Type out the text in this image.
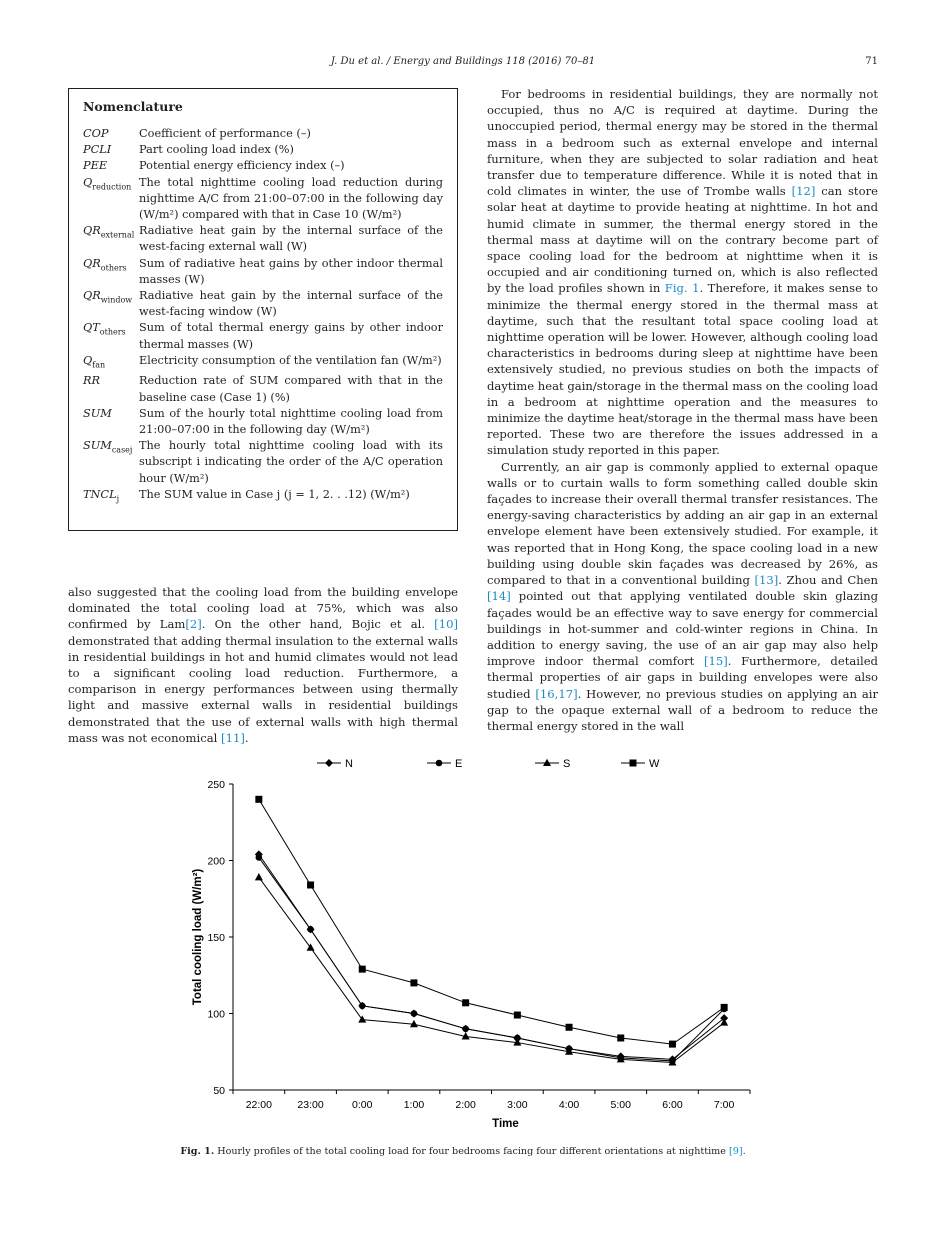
J. Du et al. / Energy and Buildings 118 (2016) 70–81	71
Nomenclature
COP	Coefficient of performance (–)
PCLI	Part cooling load index (%)
PEE	Potential energy efficiency index (–)
$Q_{reduction}$ The total nighttime cooling load reduction during nighttime A/C from 21:00–07:00 in the following day (W/m²) compared with that in Case 10 (W/m²)
$QR_{external}$ Radiative heat gain by the internal surface of the west-facing external wall (W)
$QR_{others}$	Sum of radiative heat gains by other indoor thermal masses (W)
$QR_{window}$ Radiative heat gain by the internal surface of the west-facing window (W)
$QT_{others}$	Sum of total thermal energy gains by other indoor thermal masses (W)
$Q_{fan}$	Electricity consumption of the ventilation fan (W/m²)
RR	Reduction rate of SUM compared with that in the baseline case (Case 1) (%)
SUM	Sum of the hourly total nighttime cooling load from 21:00–07:00 in the following day (W/m²)
$SUM_{casej}$ The hourly total nighttime cooling load with its subscript i indicating the order of the A/C operation hour (W/m²)
$TNCL_j$	The SUM value in Case j (j = 1, 2. . .12) (W/m²)

also suggested that the cooling load from the building envelope dominated the total cooling load at 75%, which was also confirmed by Lam[2]. On the other hand, Bojic et al. [10] demonstrated that adding thermal insulation to the external walls in residential buildings in hot and humid climates would not lead to a significant cooling load reduction. Furthermore, a comparison in energy performances between using thermally light and massive external walls in residential buildings demonstrated that the use of external walls with high thermal mass was not economical [11].

For bedrooms in residential buildings, they are normally not occupied, thus no A/C is required at daytime. During the unoccupied period, thermal energy may be stored in the thermal mass in a bedroom such as external envelope and internal furniture, when they are subjected to solar radiation and heat transfer due to temperature difference. While it is noted that in cold climates in winter, the use of Trombe walls [12] can store solar heat at daytime to provide heating at nighttime. In hot and humid climate in summer, the thermal energy stored in the thermal mass at daytime will on the contrary become part of space cooling load for the bedroom at nighttime when it is occupied and air conditioning turned on, which is also reflected by the load profiles shown in Fig. 1. Therefore, it makes sense to minimize the thermal energy stored in the thermal mass at daytime, such that the resultant total space cooling load at nighttime operation will be lower. However, although cooling load characteristics in bedrooms during sleep at nighttime have been extensively studied, no previous studies on both the impacts of daytime heat gain/storage in the thermal mass on the cooling load in a bedroom at nighttime operation and the measures to minimize the daytime heat/storage in the thermal mass have been reported. These two are therefore the issues addressed in a simulation study reported in this paper.

Currently, an air gap is commonly applied to external opaque walls or to curtain walls to form something called double skin façades to increase their overall thermal transfer resistances. The energy-saving characteristics by adding an air gap in an external envelope element have been extensively studied. For example, it was reported that in Hong Kong, the space cooling load in a new building using double skin façades was decreased by 26%, as compared to that in a conventional building [13]. Zhou and Chen [14] pointed out that applying ventilated double skin glazing façades would be an effective way to save energy for commercial buildings in hot-summer and cold-winter regions in China. In addition to energy saving, the use of an air gap may also help improve indoor thermal comfort [15]. Furthermore, detailed thermal properties of air gaps in building envelopes were also studied [16,17]. However, no previous studies on applying an air gap to the opaque external wall of a bedroom to reduce the thermal energy stored in the wall

50
100
150
200
250
22:00 23:00	0:00	1:00	2:00	3:00	4:00	5:00	6:00	7:00
Time
Total cooling load (W/m²)
N	E	S	W
Fig. 1. Hourly profiles of the total cooling load for four bedrooms facing four different orientations at nighttime [9].
